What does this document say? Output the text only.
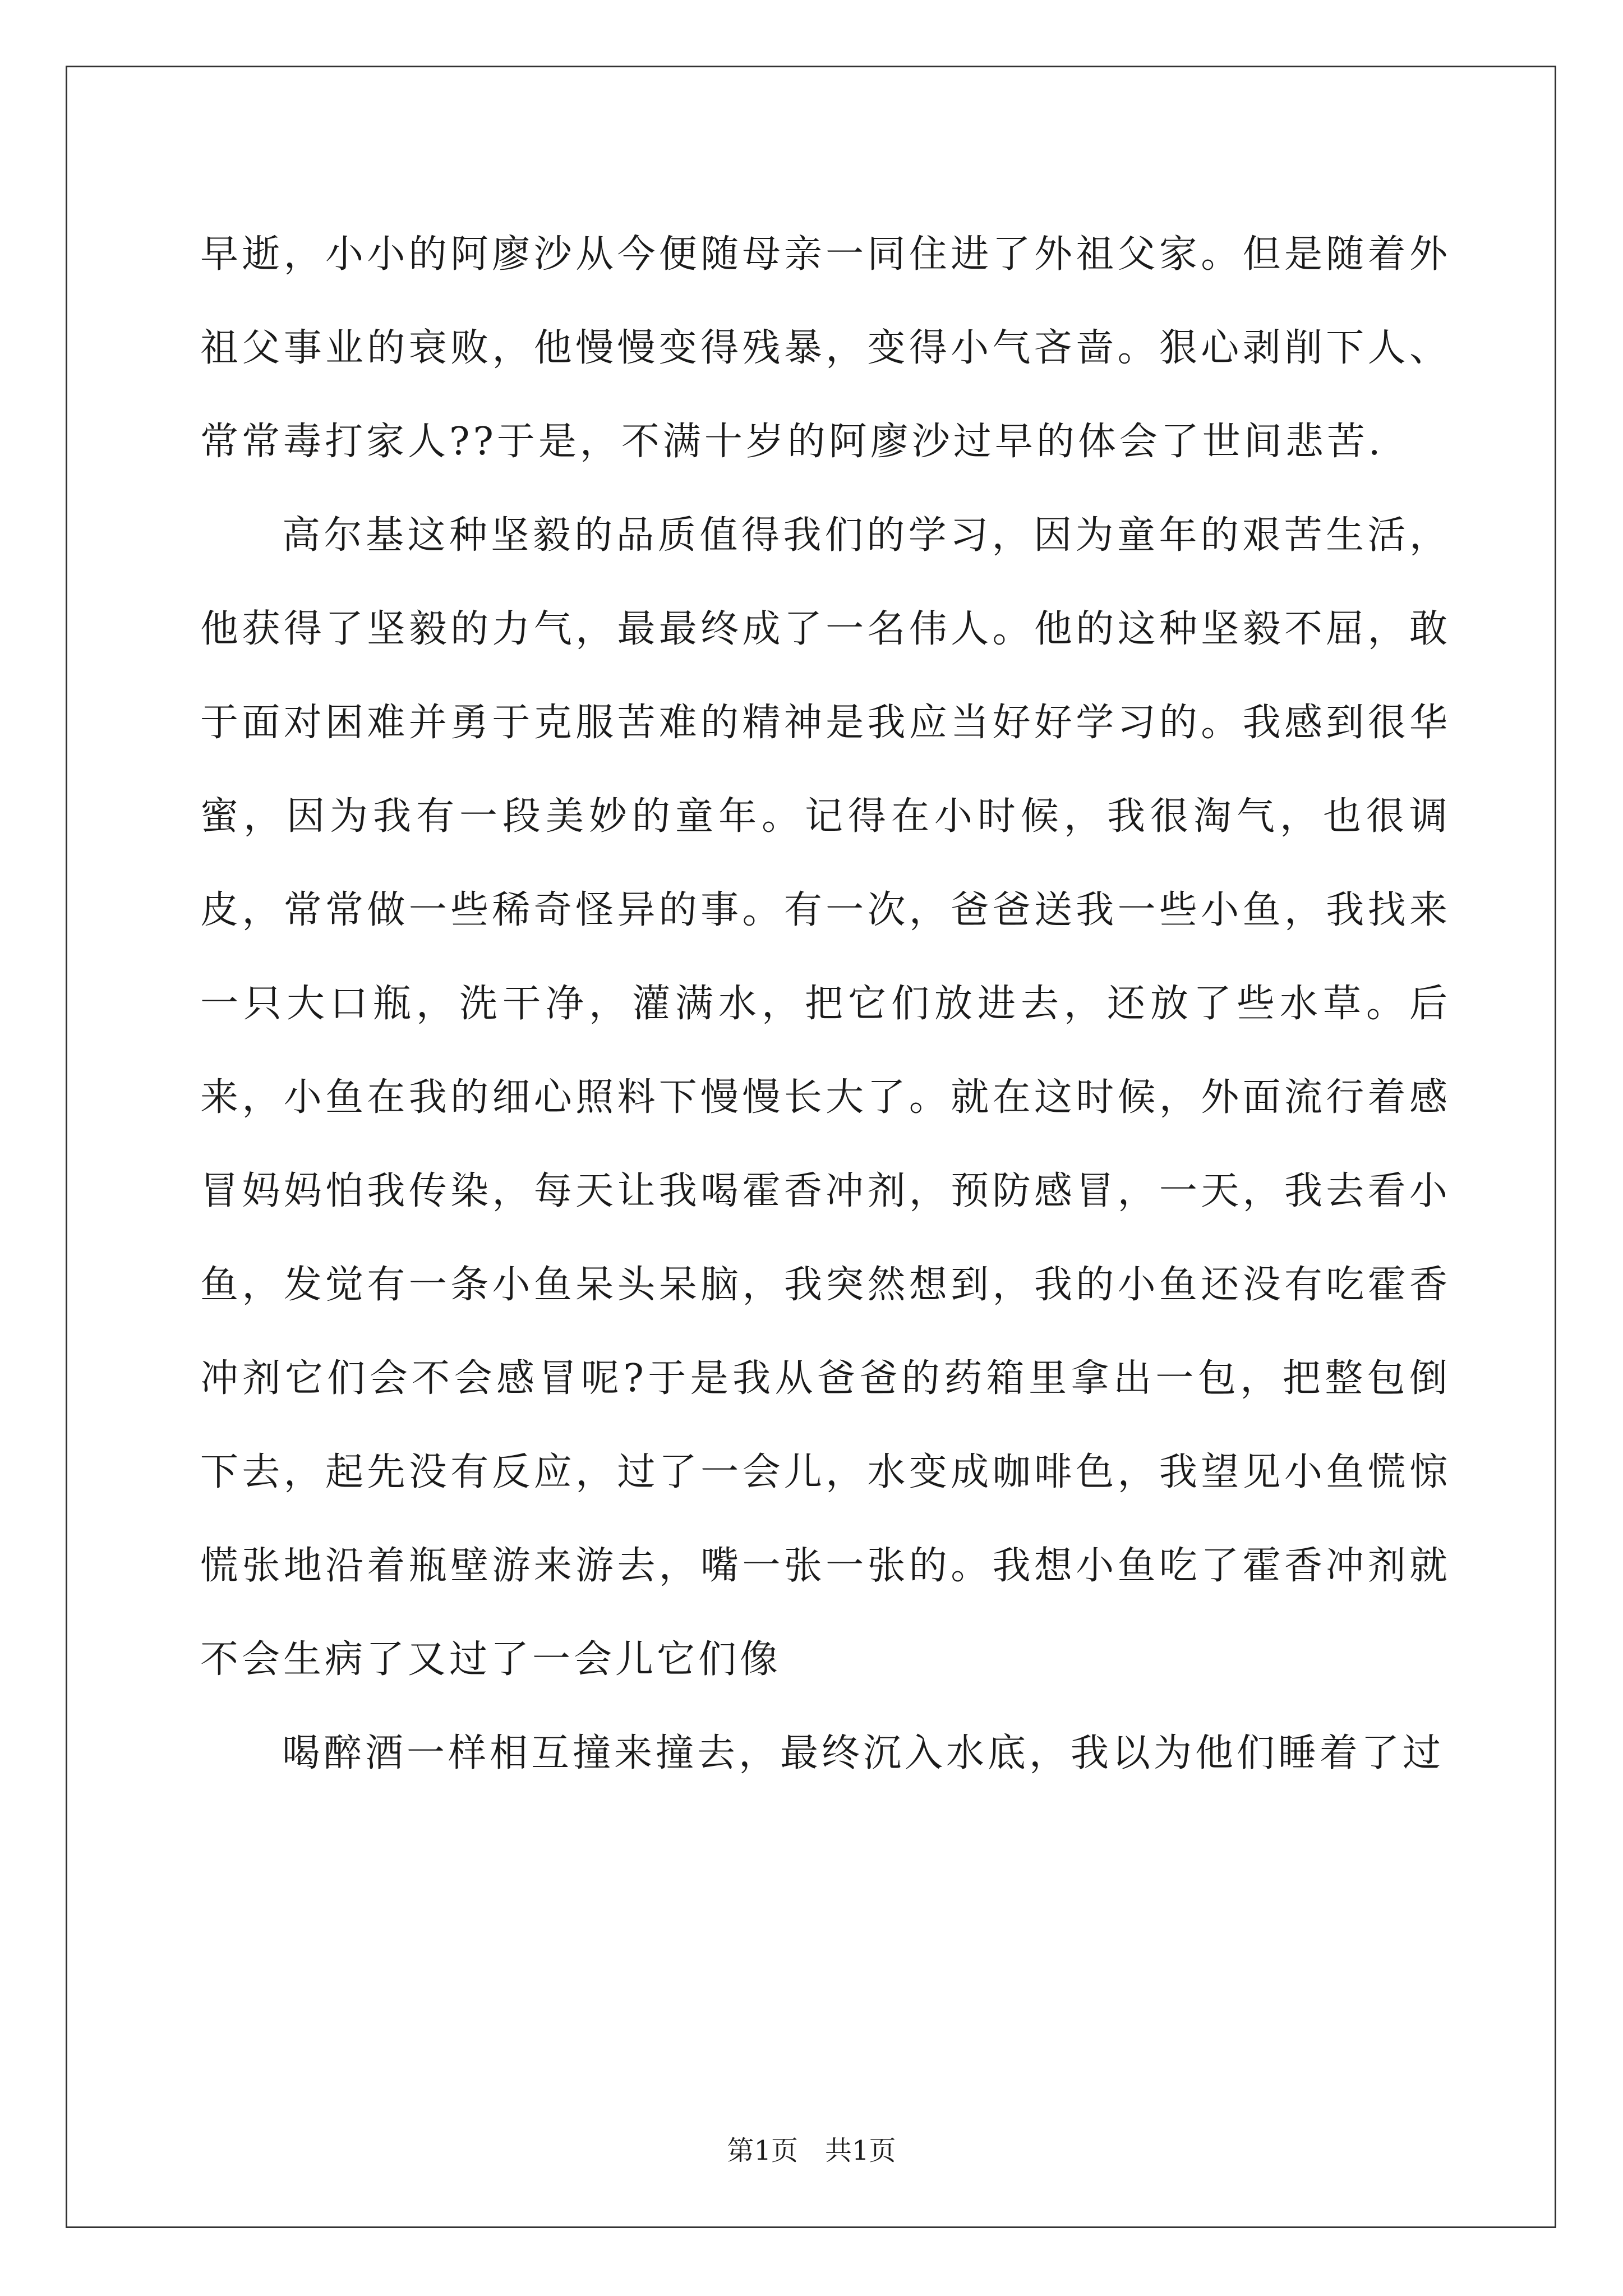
早逝，小小的阿廖沙从今便随母亲一同住进了外祖父家。但是随着外祖父事业的衰败，他慢慢变得残暴，变得小气吝啬。狠心剥削下人、常常毒打家人??于是，不满十岁的阿廖沙过早的体会了世间悲苦.

高尔基这种坚毅的品质值得我们的学习，因为童年的艰苦生活，他获得了坚毅的力气，最最终成了一名伟人。他的这种坚毅不屈，敢于面对困难并勇于克服苦难的精神是我应当好好学习的。我感到很华蜜，因为我有一段美妙的童年。记得在小时候，我很淘气，也很调皮，常常做一些稀奇怪异的事。有一次，爸爸送我一些小鱼，我找来一只大口瓶，洗干净，灌满水，把它们放进去，还放了些水草。后来，小鱼在我的细心照料下慢慢长大了。就在这时候，外面流行着感冒妈妈怕我传染，每天让我喝霍香冲剂，预防感冒，一天，我去看小鱼，发觉有一条小鱼呆头呆脑，我突然想到，我的小鱼还没有吃霍香冲剂它们会不会感冒呢?于是我从爸爸的药箱里拿出一包，把整包倒下去，起先没有反应，过了一会儿，水变成咖啡色，我望见小鱼慌惊慌张地沿着瓶壁游来游去，嘴一张一张的。我想小鱼吃了霍香冲剂就不会生病了又过了一会儿它们像

喝醉酒一样相互撞来撞去，最终沉入水底，我以为他们睡着了过

第1页 共1页
